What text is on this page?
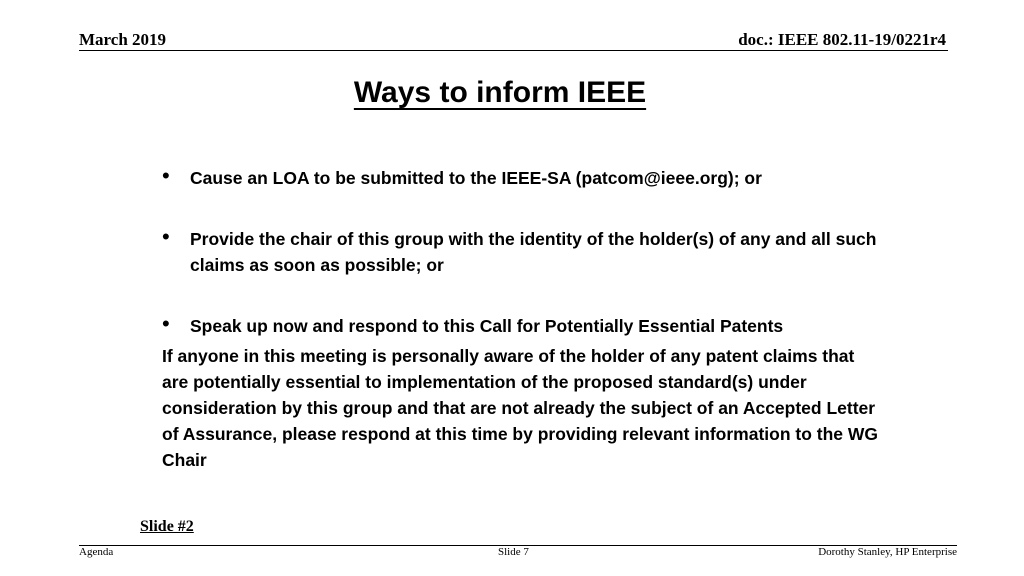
March 2019	doc.: IEEE 802.11-19/0221r4
Ways to inform IEEE
•	Cause an LOA to be submitted to the IEEE-SA (patcom@ieee.org); or
•	Provide the chair of this group with the identity of the holder(s) of any and all such claims as soon as possible; or
•	Speak up now and respond to this Call for Potentially Essential Patents
If anyone in this meeting is personally aware of the holder of any patent claims that are potentially essential to implementation of the proposed standard(s) under consideration by this group and that are not already the subject of an Accepted Letter of Assurance, please respond at this time by providing relevant information to the WG Chair
Slide #2
Agenda	Slide 7	Dorothy Stanley, HP Enterprise
